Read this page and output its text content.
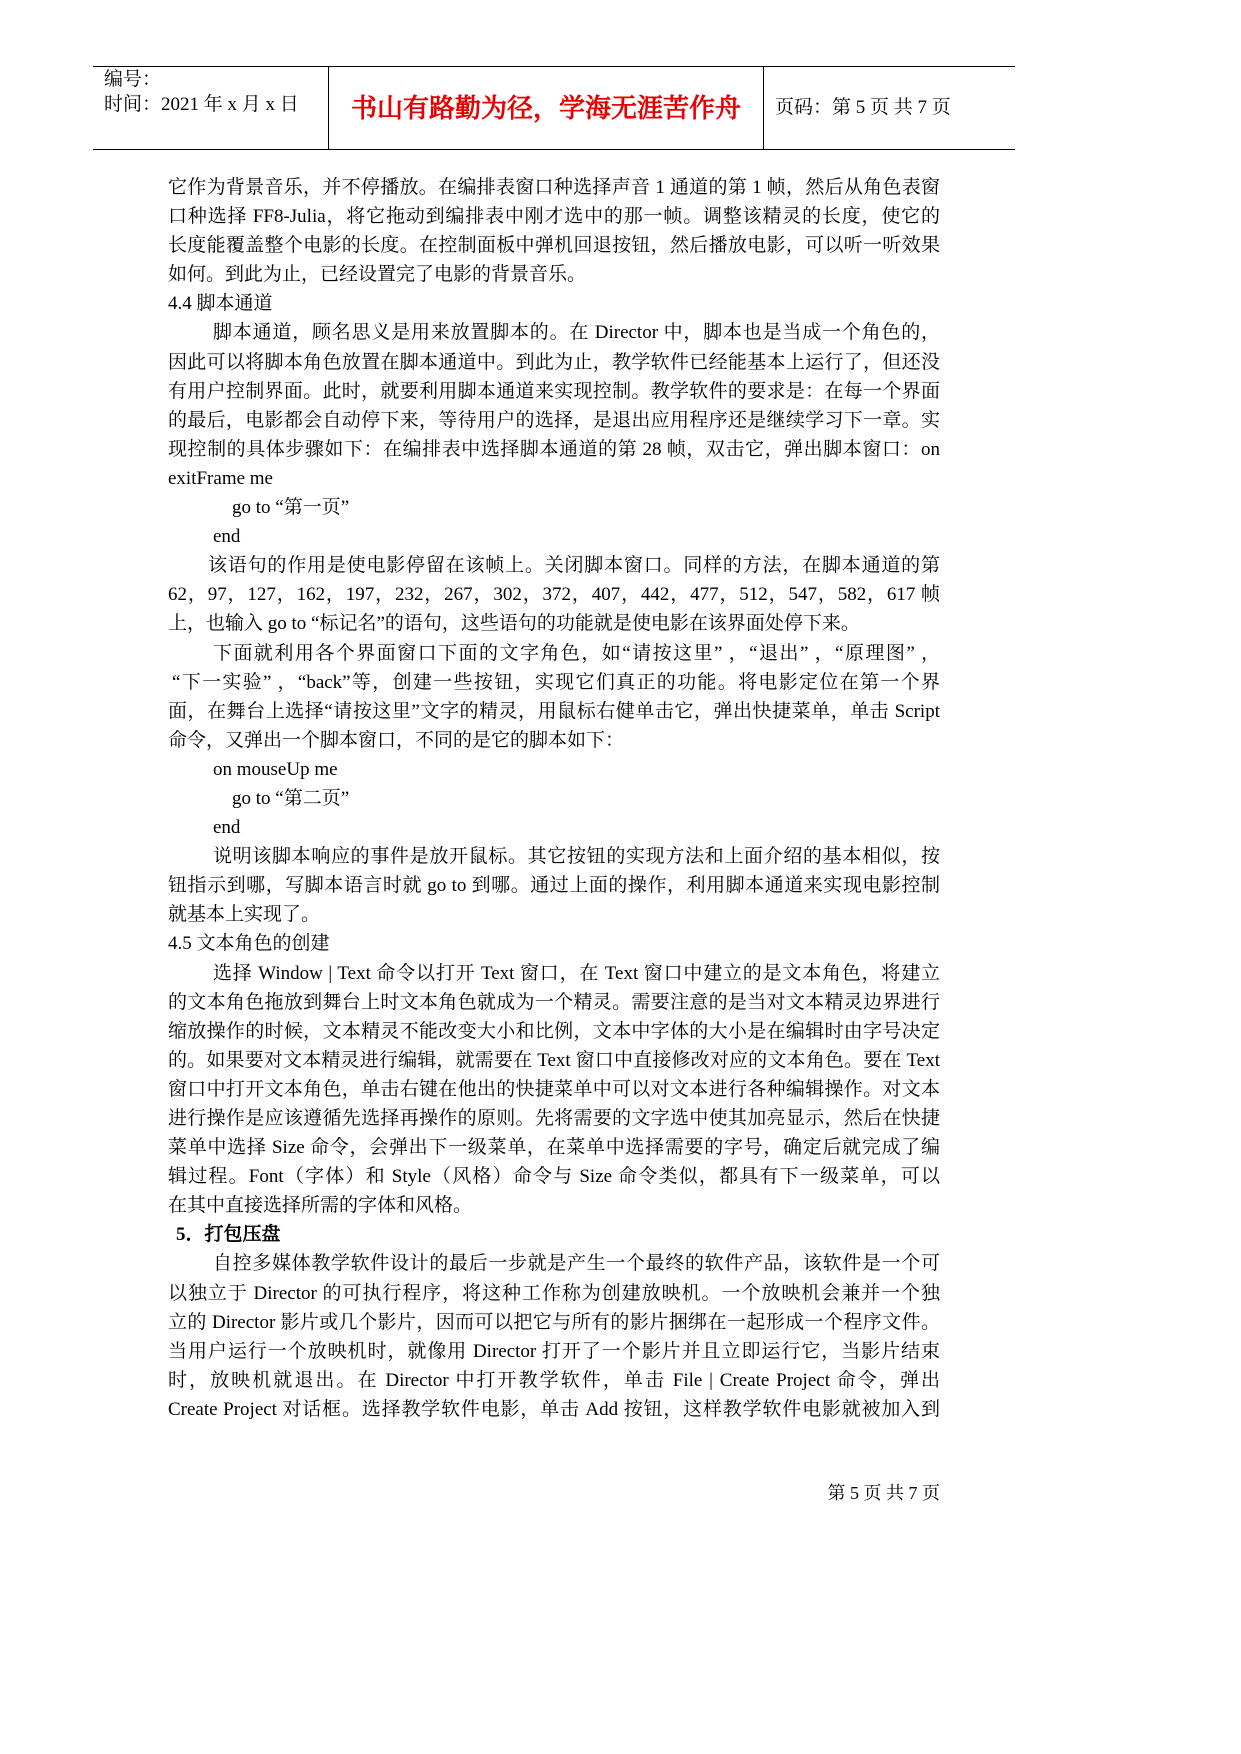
编号：
时间：2021 年 x 月 x 日	书山有路勤为径，学海无涯苦作舟	页码：第 5 页 共 7 页
它作为背景音乐，并不停播放。在编排表窗口种选择声音 1 通道的第 1 帧，然后从角色表窗
口种选择 FF8-Julia，将它拖动到编排表中刚才选中的那一帧。调整该精灵的长度，使它的
长度能覆盖整个电影的长度。在控制面板中弹机回退按钮，然后播放电影，可以听一听效果
如何。到此为止，已经设置完了电影的背景音乐。
4.4 脚本通道
脚本通道，顾名思义是用来放置脚本的。在 Director 中，脚本也是当成一个角色的，
因此可以将脚本角色放置在脚本通道中。到此为止，教学软件已经能基本上运行了，但还没
有用户控制界面。此时，就要利用脚本通道来实现控制。教学软件的要求是：在每一个界面
的最后，电影都会自动停下来，等待用户的选择，是退出应用程序还是继续学习下一章。实
现控制的具体步骤如下：在编排表中选择脚本通道的第 28 帧，双击它，弹出脚本窗口：on
exitFrame me
go to “第一页”
end
该语句的作用是使电影停留在该帧上。关闭脚本窗口。同样的方法，在脚本通道的第
62，97，127，162，197，232，267，302，372，407，442，477，512，547，582，617 帧
上，也输入 go to “标记名”的语句，这些语句的功能就是使电影在该界面处停下来。
下面就利用各个界面窗口下面的文字角色，如“请按这里” ，“退出” ，“原理图” ，
“下一实验” ，“back”等，创建一些按钮，实现它们真正的功能。将电影定位在第一个界
面，在舞台上选择“请按这里”文字的精灵，用鼠标右健单击它，弹出快捷菜单，单击 Script
命令，又弹出一个脚本窗口，不同的是它的脚本如下：
on mouseUp me
go to “第二页”
end
说明该脚本响应的事件是放开鼠标。其它按钮的实现方法和上面介绍的基本相似，按
钮指示到哪，写脚本语言时就 go to 到哪。通过上面的操作，利用脚本通道来实现电影控制
就基本上实现了。
4.5 文本角色的创建
选择 Window | Text 命令以打开 Text 窗口，在 Text 窗口中建立的是文本角色，将建立
的文本角色拖放到舞台上时文本角色就成为一个精灵。需要注意的是当对文本精灵边界进行
缩放操作的时候，文本精灵不能改变大小和比例，文本中字体的大小是在编辑时由字号决定
的。如果要对文本精灵进行编辑，就需要在 Text 窗口中直接修改对应的文本角色。要在 Text
窗口中打开文本角色，单击右键在他出的快捷菜单中可以对文本进行各种编辑操作。对文本
进行操作是应该遵循先选择再操作的原则。先将需要的文字选中使其加亮显示，然后在快捷
菜单中选择 Size 命令，会弹出下一级菜单，在菜单中选择需要的字号，确定后就完成了编
辑过程。Font（字体）和 Style（风格）命令与 Size 命令类似，都具有下一级菜单，可以
在其中直接选择所需的字体和风格。
5．打包压盘
自控多媒体教学软件设计的最后一步就是产生一个最终的软件产品，该软件是一个可
以独立于 Director 的可执行程序，将这种工作称为创建放映机。一个放映机会兼并一个独
立的 Director 影片或几个影片，因而可以把它与所有的影片捆绑在一起形成一个程序文件。
当用户运行一个放映机时，就像用 Director 打开了一个影片并且立即运行它，当影片结束
时，放映机就退出。在 Director 中打开教学软件，单击 File | Create Project 命令，弹出
Create Project 对话框。选择教学软件电影，单击 Add 按钮，这样教学软件电影就被加入到
第 5 页 共 7 页
